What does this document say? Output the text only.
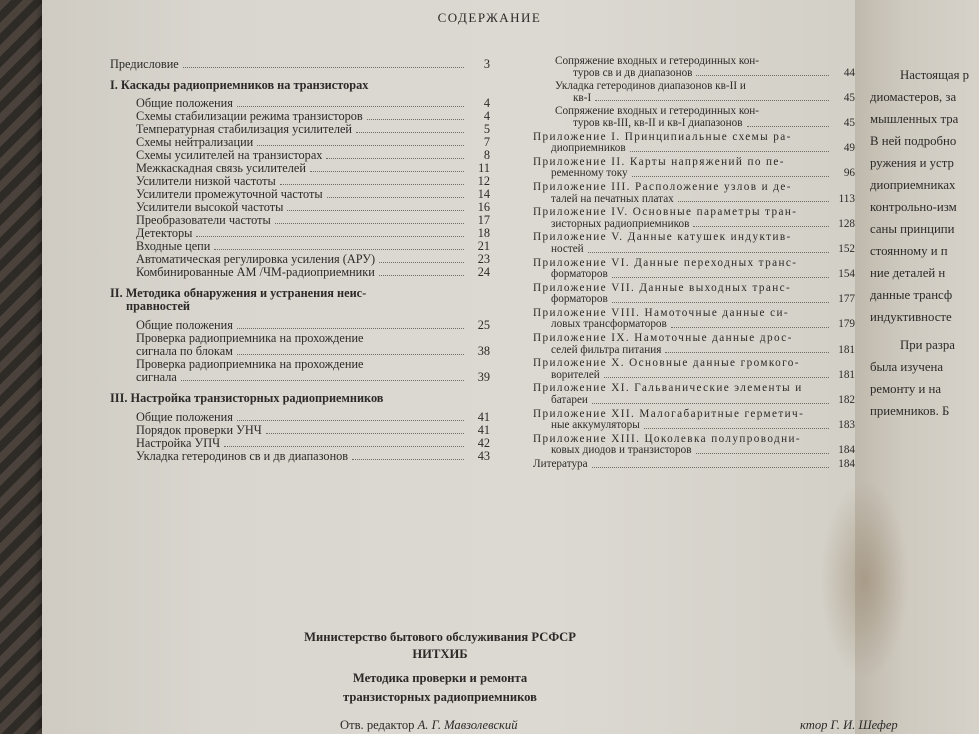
СОДЕРЖАНИЕ
Предисловие	3
I. Каскады радиоприемников на транзисторах
Общие положения	4
Схемы стабилизации режима транзисторов	4
Температурная стабилизация усилителей	5
Схемы нейтрализации	7
Схемы усилителей на транзисторах	8
Межкаскадная связь усилителей	11
Усилители низкой частоты	12
Усилители промежуточной частоты	14
Усилители высокой частоты	16
Преобразователи частоты	17
Детекторы	18
Входные цепи	21
Автоматическая регулировка усиления (АРУ)	23
Комбинированные АМ /ЧМ-радиоприемники	24
II. Методика обнаружения и устранения неис-
правностей
Общие положения	25
Проверка радиоприемника на прохождение
сигнала по блокам	38
Проверка радиоприемника на прохождение
сигнала	39
III. Настройка транзисторных радиоприемников
Общие положения	41
Порядок проверки УНЧ	41
Настройка УПЧ	42
Укладка гетеродинов св и дв диапазонов	43
Сопряжение входных и гетеродинных кон-
туров св и дв диапазонов	44
Укладка гетеродинов диапазонов кв-II и
кв-I	45
Сопряжение входных и гетеродинных кон-
туров кв-III, кв-II и кв-I диапазонов	45
Приложение I. Принципиальные схемы ра-
диоприемников	49
Приложение II. Карты напряжений по пе-
ременному току	96
Приложение III. Расположение узлов и де-
талей на печатных платах	113
Приложение IV. Основные параметры тран-
зисторных радиоприемников	128
Приложение V. Данные катушек индуктив-
ностей	152
Приложение VI. Данные переходных транс-
форматоров	154
Приложение VII. Данные выходных транс-
форматоров	177
Приложение VIII. Намоточные данные си-
ловых трансформаторов	179
Приложение IX. Намоточные данные дрос-
селей фильтра питания	181
Приложение X. Основные данные громкого-
ворителей	181
Приложение XI. Гальванические элементы и
батареи	182
Приложение XII. Малогабаритные герметич-
ные аккумуляторы	183
Приложение XIII. Цоколевка полупроводни-
ковых диодов и транзисторов	184
Литература	184
Настоящая р
диомастеров, за
мышленных тра
В ней подробно
ружения и устр
диоприемниках
контрольно-изм
саны принципи
стоянному и п
ние деталей н
данные трансф
индуктивносте
При разра
была изучена
ремонту и на
приемников. Б
Министерство бытового обслуживания РСФСР
НИТХИБ
Методика проверки и ремонта
транзисторных радиоприемников
Отв. редактор А. Г. Мавзолевский	ктор Г. И. Шефер
